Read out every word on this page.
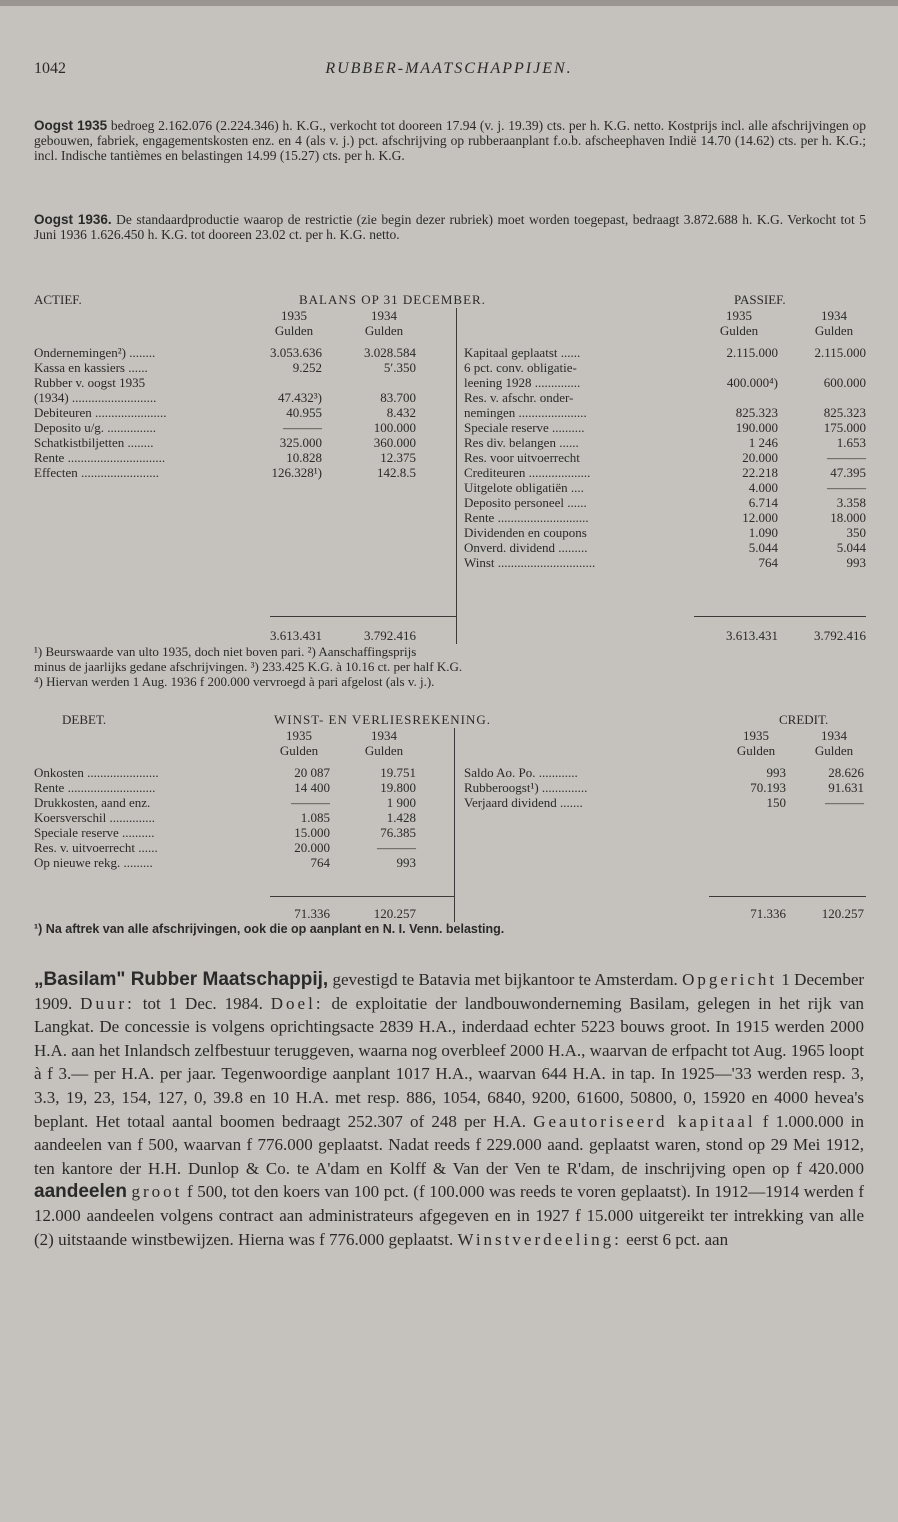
1042	RUBBER-MAATSCHAPPIJEN.
Oogst 1935 bedroeg 2.162.076 (2.224.346) h. K.G., verkocht tot dooreen 17.94 (v. j. 19.39) cts. per h. K.G. netto. Kostprijs incl. alle afschrijvingen op gebouwen, fabriek, engagementskosten enz. en 4 (als v. j.) pct. afschrijving op rubberaanplant f.o.b. afscheephaven Indië 14.70 (14.62) cts. per h. K.G.; incl. Indische tantièmes en belastingen 14.99 (15.27) cts. per h. K.G.
Oogst 1936. De standaardproductie waarop de restrictie (zie begin dezer rubriek) moet worden toegepast, bedraagt 3.872.688 h. K.G. Verkocht tot 5 Juni 1936 1.626.450 h. K.G. tot dooreen 23.02 ct. per h. K.G. netto.
ACTIEF.	BALANS OP 31 DECEMBER.	PASSIEF.
1935	1934	1935	1934
Gulden	Gulden	Gulden	Gulden
Ondernemingen²) ........	3.053.636	3.028.584
Kassa en kassiers ......	9.252	5′.350
Rubber v. oogst 1935
(1934) ..........................	47.432³)	83.700
Debiteuren ......................	40.955	8.432
Deposito u/g. ...............	———	100.000
Schatkistbiljetten ........	325.000	360.000
Rente ..............................	10.828	12.375
Effecten ........................	126.328¹)	142.8.5
Kapitaal geplaatst ......	2.115.000	2.115.000
6 pct. conv. obligatie-
leening 1928 ..............	400.000⁴)	600.000
Res. v. afschr. onder-
nemingen .....................	825.323	825.323
Speciale reserve ..........	190.000	175.000
Res div. belangen ......	1 246	1.653
Res. voor uitvoerrecht	20.000	———
Crediteuren ...................	22.218	47.395
Uitgelote obligatiën ....	4.000	———
Deposito personeel ......	6.714	3.358
Rente ............................	12.000	18.000
Dividenden en coupons	1.090	350
Onverd. dividend .........	5.044	5.044
Winst ..............................	764	993
3.613.431	3.792.416	3.613.431	3.792.416
¹) Beurswaarde van ulto 1935, doch niet boven pari. ²) Aanschaffingsprijs
minus de jaarlijks gedane afschrijvingen. ³) 233.425 K.G. à 10.16 ct. per half K.G.
⁴) Hiervan werden 1 Aug. 1936 f 200.000 vervroegd à pari afgelost (als v. j.).
DEBET.	WINST- EN VERLIESREKENING.	CREDIT.
1935	1934	1935	1934
Gulden	Gulden	Gulden	Gulden
Onkosten ......................	20 087	19.751
Rente ...........................	14 400	19.800
Drukkosten, aand enz.	———	1 900
Koersverschil ..............	1.085	1.428
Speciale reserve ..........	15.000	76.385
Res. v. uitvoerrecht ......	20.000	———
Op nieuwe rekg. .........	764	993
Saldo Ao. Po. ............	993	28.626
Rubberoogst¹) ..............	70.193	91.631
Verjaard dividend .......	150	———
71.336	120.257	71.336	120.257
¹) Na aftrek van alle afschrijvingen, ook die op aanplant en N. I. Venn. belasting.

„Basilam" Rubber Maatschappij, gevestigd te Batavia met bijkantoor te Amsterdam. Opgericht 1 December 1909. Duur: tot 1 Dec. 1984. Doel: de exploitatie der landbouwonderneming Basilam, gelegen in het rijk van Langkat. De concessie is volgens oprichtingsacte 2839 H.A., inderdaad echter 5223 bouws groot. In 1915 werden 2000 H.A. aan het Inlandsch zelfbestuur teruggeven, waarna nog overbleef 2000 H.A., waarvan de erfpacht tot Aug. 1965 loopt à f 3.— per H.A. per jaar. Tegenwoordige aanplant 1017 H.A., waarvan 644 H.A. in tap. In 1925—'33 werden resp. 3, 3.3, 19, 23, 154, 127, 0, 39.8 en 10 H.A. met resp. 886, 1054, 6840, 9200, 61600, 50800, 0, 15920 en 4000 hevea's beplant. Het totaal aantal boomen bedraagt 252.307 of 248 per H.A. Geautoriseerd kapitaal f 1.000.000 in aandeelen van f 500, waarvan f 776.000 geplaatst. Nadat reeds f 229.000 aand. geplaatst waren, stond op 29 Mei 1912, ten kantore der H.H. Dunlop & Co. te A'dam en Kolff & Van der Ven te R'dam, de inschrijving open op f 420.000 aandeelen groot f 500, tot den koers van 100 pct. (f 100.000 was reeds te voren geplaatst). In 1912—1914 werden f 12.000 aandeelen volgens contract aan administrateurs afgegeven en in 1927 f 15.000 uitgereikt ter intrekking van alle (2) uitstaande winstbewijzen. Hierna was f 776.000 geplaatst. Winstverdeeling: eerst 6 pct. aan
